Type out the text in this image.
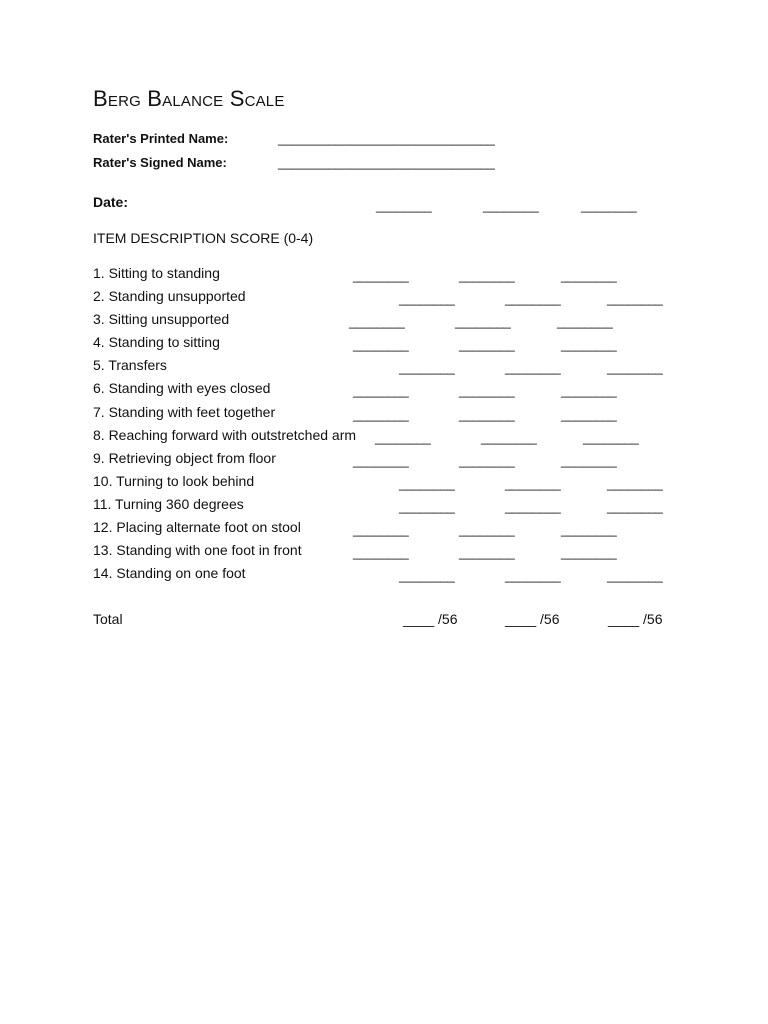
Berg Balance Scale
Rater's Printed Name:	______________________________
Rater's Signed Name:	______________________________
Date:	________	________	________
ITEM DESCRIPTION SCORE (0-4)
1. Sitting to standing	________	________	________
2. Standing unsupported	________	________	________
3. Sitting unsupported	________	________	________
4. Standing to sitting	________	________	________
5. Transfers	________	________	________
6. Standing with eyes closed	________	________	________
7. Standing with feet together	________	________	________
8. Reaching forward with outstretched arm ________	________	________
9. Retrieving object from floor	________	________	________
10. Turning to look behind	________	________	________
11. Turning 360 degrees	________	________	________
12. Placing alternate foot on stool	________	________	________
13. Standing with one foot in front	________	________	________
14. Standing on one foot	________	________	________
Total	____ /56	____ /56	____ /56
